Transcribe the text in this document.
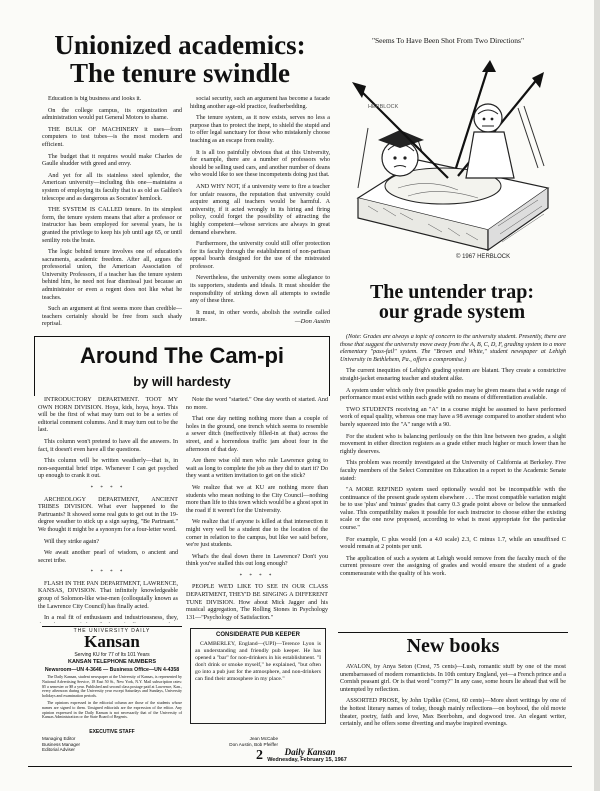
Unionized academics:
The tenure swindle

Education is big business and looks it.

On the college campus, its organization and administration would put General Motors to shame.

THE BULK OF MACHINERY it uses—from computers to test tubes—is the most modern and efficient.

The budget that it requires would make Charles de Gaulle shudder with greed and envy.

And yet for all its stainless steel splendor, the American university—including this one—maintains a system of employing its faculty that is as old as Galileo's telescope and as dangerous as Socrates' hemlock.

THE SYSTEM IS CALLED tenure. In its simplest form, the tenure system means that after a professor or instructor has been employed for several years, he is granted the privilege to keep his job until age 65, or until senility rots the brain.

The logic behind tenure involves one of education's sacraments, academic freedom. After all, argues the professorial union, the American Association of University Professors, if a teacher has the tenure system behind him, he need not fear dismissal just because an administrator or even a regent does not like what he teaches.

Such an argument at first seems more than credible—teachers certainly should be free from such shady reprisal.

social security, such an argument has become a facade hiding another age-old practice, featherbedding.

The tenure system, as it now exists, serves no less a purpose than to protect the inept, to shield the stupid and to offer legal sanctuary for those who mistakenly choose teaching as an escape from reality.

It is all too painfully obvious that at this University, for example, there are a number of professors who should be selling used cars, and another number of deans who would like to see these incompetents doing just that.

AND WHY NOT, if a university were to fire a teacher for unfair reasons, the reputation that university could acquire among all teachers would be harmful. A university, if it acted wrongly in its hiring and firing policy, could forget the possibility of attracting the highly competent—whose services are always in great demand elsewhere.

Furthermore, the university could still offer protection for its faculty through the establishment of non-partisan appeal boards designed for the use of the mistreated professor.

Nevertheless, the university owes some allegiance to its supporters, students and ideals. It must shoulder the responsibility of striking down all attempts to swindle any of these three.

It must, in other words, abolish the swindle called tenure.	—Don Austin
"Seems To Have Been Shot From Two Directions"
© 1967 HERBLOCK
HERBLOCK
The untender trap:
our grade system

(Note: Grades are always a topic of concern to the university student. Presently, there are those that suggest the university move away from the A, B, C, D, F, grading system to a more elementary "pass-fail" system. The "Brown and White," student newspaper at Lehigh University in Bethlehem, Pa., offers a compromise.)

The current inequities of Lehigh's grading system are blatant. They create a constrictive straight-jacket ensnaring teacher and student alike.

A system under which only five possible grades may be given means that a wide range of performance must exist within each grade with no means of differentiation available.

TWO STUDENTS receiving an "A" in a course might be assumed to have performed work of equal quality, whereas one may have a 98 average compared to another student who barely squeezed into the "A" range with a 90.

For the student who is balancing perilously on the thin line between two grades, a slight movement in either direction registers as a grade either much higher or much lower than he rightly deserves.

This problem was recently investigated at the University of California at Berkeley. Five faculty members of the Select Committee on Education in a report to the Academic Senate stated:

"A MORE REFINED system used optionally would not be incompatible with the continuance of the present grade system elsewhere . . . The most compatible variation might be to use 'plus' and 'minus' grades that carry 0.3 grade point above or below the unmarked value. This compatibility makes it possible for each instructor to choose either the existing scale or the one now proposed, according to what is most appropriate for the particular course."

For example, C plus would (on a 4.0 scale) 2.3, C minus 1.7, while an unsuffixed C would remain at 2 points per unit.

The application of such a system at Lehigh would remove from the faculty much of the current pressure over the assigning of grades and would ensure the student of a grade commensurate with the quality of his work.

Around The Cam-pi
by will hardesty

INTRODUCTORY DEPARTMENT. TOOT MY OWN HORN DIVISION. Hoya, kids, hoya, hoya. This will be the first of what may turn out to be a series of editorial comment columns. And it may turn out to be the last.

This column won't pretend to have all the answers. In fact, it doesn't even have all the questions.

This column will be written weatherly—that is, in non-sequential brief tripe. Whenever I can get psyched up enough to crank it out.

* * * *

ARCHEOLOGY DEPARTMENT, ANCIENT TRIBES DIVISION. What ever happened to the Partruants? It showed some real guts to get out in the 19-degree weather to stick up a sign saying, "Be Partruant." We thought it might be a synonym for a four-letter word.

Will they strike again?

We await another pearl of wisdom, o ancient and secret tribe.

* * * *

FLASH IN THE PAN DEPARTMENT, LAWRENCE, KANSAS, DIVISION. That infinitely knowledgeable group of Solomon-like wise-men (colloquially known as the Lawrence City Council) has finally acted.

In a real fit of enthusiasm and industriousness, they,

Note the word "started." One day worth of started. And no more.

That one day netting nothing more than a couple of holes in the ground, one trench which seems to resemble a sewer ditch (ineffectively filled-in at that) across the street, and a horrendous traffic jam about four in the afternoon of that day.

Are there wise old men who rule Lawrence going to wait as long to complete the job as they did to start it? Do they want a written invitation to get on the stick?

We realize that we at KU are nothing more than students who mean nothing to the City Council—nothing more than life to this town which would be a ghost spot in the road if it weren't for the University.

We realize that if anyone is killed at that intersection it might very well be a student due to the location of the corner in relation to the campus, but like we said before, we're just students.

What's the deal down there in Lawrence? Don't you think you've stalled this out long enough?

* * * *

PEOPLE WE'D LIKE TO SEE IN OUR CLASS DEPARTMENT, THEY'D BE SINGING A DIFFERENT TUNE DIVISION. How about Mick Jagger and his musical aggregation, The Rolling Stones in Psychology 131—"Psychology of Satisfaction."

THE UNIVERSITY DAILY
Kansan
Serving KU for 77 of Its 101 Years
KANSAN TELEPHONE NUMBERS
Newsroom—UN 4-3646 — Business Office—UN 4-4358
The Daily Kansan, student newspaper at the University of Kansas, is represented by National Advertising Service, 18 East 50 St., New York, N.Y. Mail subscription rates: $5 a semester or $8 a year. Published and second class postage paid at Lawrence, Kan., every afternoon during the University year except Saturdays and Sundays, University holidays and examination periods.
The opinions expressed in the editorial column are those of the students whose names are signed to them. Unsigned editorials are the expression of the editor. Any opinion expressed in the Daily Kansan is not necessarily that of the University of Kansas Administration or the State Board of Regents.
EXECUTIVE STAFF
Managing Editor
Business Manager
Editorial Adviser
Jean McCabe
Don Austin, Bob Pfeiffer
CONSIDERATE PUB KEEPER
CAMBERLEY, England—(UPI)—Terence Lyon is an understanding and friendly pub keeper. He has opened a "bar" for non-drinkers in his establishment. "I don't drink or smoke myself," he explained, "but often go into a pub just for the atmosphere, and non-drinkers can find their atmosphere in my place."
New books

AVALON, by Anya Seton (Crest, 75 cents)—Lush, romantic stuff by one of the most unembarrassed of modern romanticists. In 10th century England, yet—a French prince and a Cornish peasant girl. Or is that word "corny?" In any case, some hours lie ahead that will be untempted by reflection.

ASSORTED PROSE, by John Updike (Crest, 60 cents)—More short writings by one of the hottest literary names of today, though mainly reflections—on boyhood, the old movie theater, poetry, faith and love, Max Beerbohm, and dogwood tree. An elegant writer, certainly, and he offers some diverting and maybe inspired evenings.

2	Daily Kansan
Wednesday, February 15, 1967
